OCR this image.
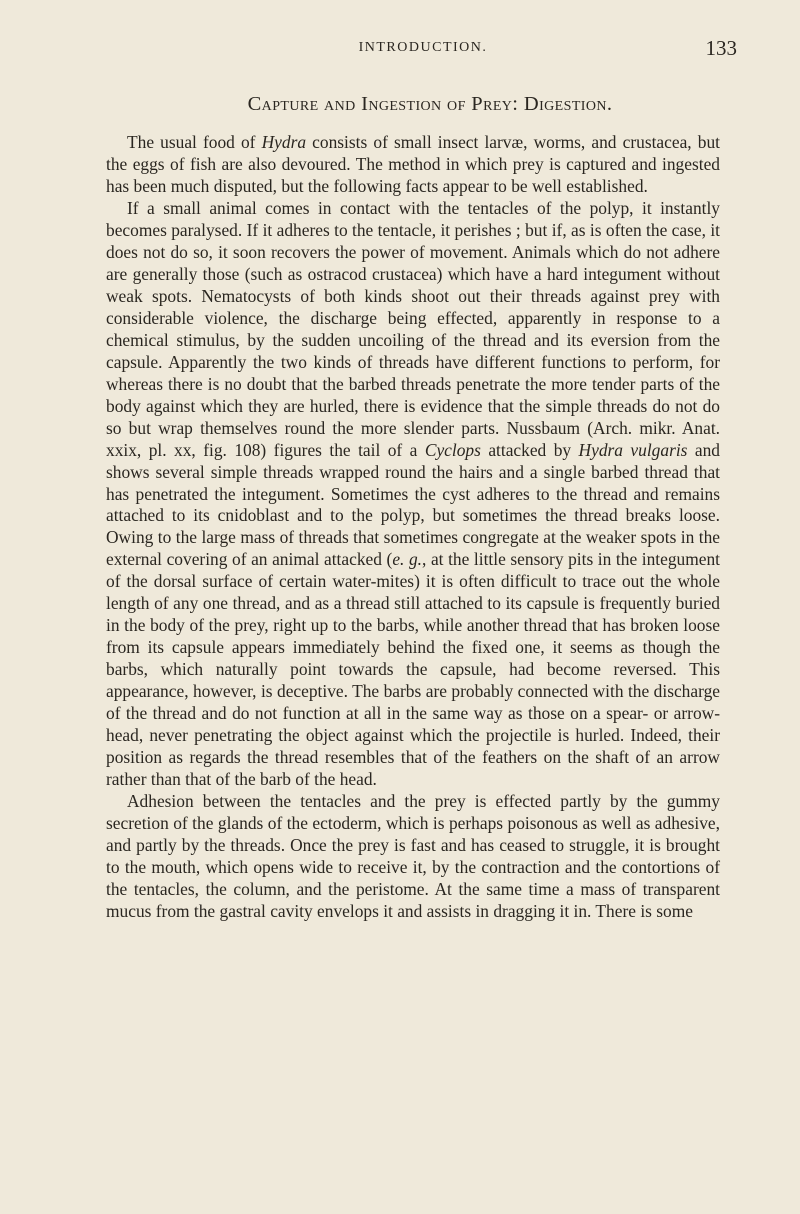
INTRODUCTION.	133
Capture and Ingestion of Prey: Digestion.

The usual food of Hydra consists of small insect larvæ, worms, and crustacea, but the eggs of fish are also devoured. The method in which prey is captured and ingested has been much disputed, but the following facts appear to be well established.

If a small animal comes in contact with the tentacles of the polyp, it instantly becomes paralysed. If it adheres to the tentacle, it perishes ; but if, as is often the case, it does not do so, it soon recovers the power of movement. Animals which do not adhere are generally those (such as ostracod crustacea) which have a hard integument without weak spots. Nematocysts of both kinds shoot out their threads against prey with considerable violence, the discharge being effected, apparently in response to a chemical stimulus, by the sudden uncoiling of the thread and its eversion from the capsule. Apparently the two kinds of threads have different functions to perform, for whereas there is no doubt that the barbed threads penetrate the more tender parts of the body against which they are hurled, there is evidence that the simple threads do not do so but wrap themselves round the more slender parts. Nussbaum (Arch. mikr. Anat. xxix, pl. xx, fig. 108) figures the tail of a Cyclops attacked by Hydra vulgaris and shows several simple threads wrapped round the hairs and a single barbed thread that has penetrated the integument. Sometimes the cyst adheres to the thread and remains attached to its cnidoblast and to the polyp, but sometimes the thread breaks loose. Owing to the large mass of threads that sometimes congregate at the weaker spots in the external covering of an animal attacked (e. g., at the little sensory pits in the integument of the dorsal surface of certain water-mites) it is often difficult to trace out the whole length of any one thread, and as a thread still attached to its capsule is frequently buried in the body of the prey, right up to the barbs, while another thread that has broken loose from its capsule appears immediately behind the fixed one, it seems as though the barbs, which naturally point towards the capsule, had become reversed. This appearance, however, is deceptive. The barbs are probably connected with the discharge of the thread and do not function at all in the same way as those on a spear- or arrow-head, never penetrating the object against which the projectile is hurled. Indeed, their position as regards the thread resembles that of the feathers on the shaft of an arrow rather than that of the barb of the head.

Adhesion between the tentacles and the prey is effected partly by the gummy secretion of the glands of the ectoderm, which is perhaps poisonous as well as adhesive, and partly by the threads. Once the prey is fast and has ceased to struggle, it is brought to the mouth, which opens wide to receive it, by the contraction and the contortions of the tentacles, the column, and the peristome. At the same time a mass of transparent mucus from the gastral cavity envelops it and assists in dragging it in. There is some
